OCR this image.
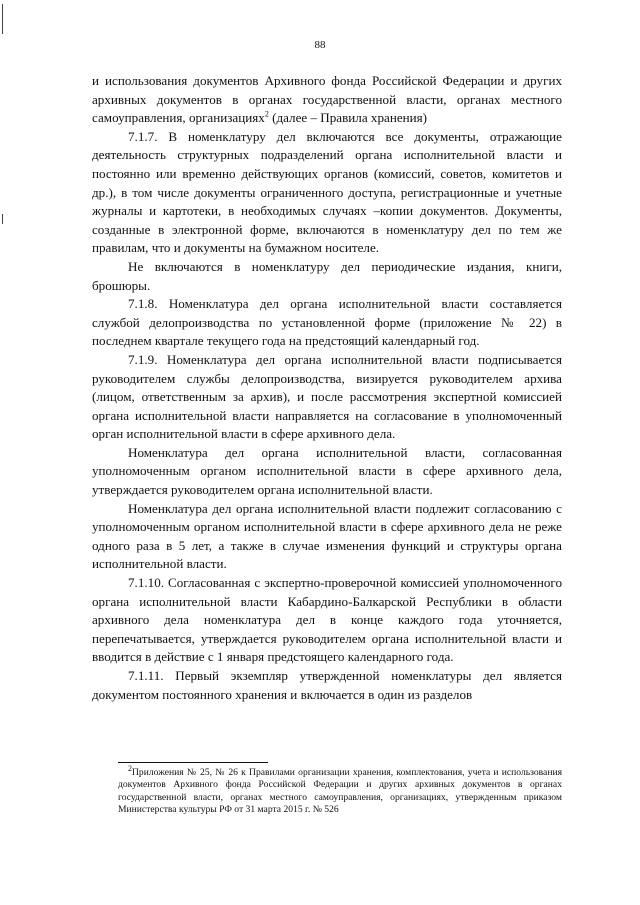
88

и использования документов Архивного фонда Российской Федерации и других архивных документов в органах государственной власти, органах местного самоуправления, организациях$^2$ (далее – Правила хранения)

7.1.7. В номенклатуру дел включаются все документы, отражающие деятельность структурных подразделений органа исполнительной власти и постоянно или временно действующих органов (комиссий, советов, комитетов и др.), в том числе документы ограниченного доступа, регистрационные и учетные журналы и картотеки, в необходимых случаях –копии документов. Документы, созданные в электронной форме, включаются в номенклатуру дел по тем же правилам, что и документы на бумажном носителе.

Не включаются в номенклатуру дел периодические издания, книги, брошюры.

7.1.8. Номенклатура дел органа исполнительной власти составляется службой делопроизводства по установленной форме (приложение № 22) в последнем квартале текущего года на предстоящий календарный год.

7.1.9. Номенклатура дел органа исполнительной власти подписывается руководителем службы делопроизводства, визируется руководителем архива (лицом, ответственным за архив), и после рассмотрения экспертной комиссией органа исполнительной власти направляется на согласование в уполномоченный орган исполнительной власти в сфере архивного дела.

Номенклатура дел органа исполнительной власти, согласованная уполномоченным органом исполнительной власти в сфере архивного дела, утверждается руководителем органа исполнительной власти.

Номенклатура дел органа исполнительной власти подлежит согласованию с уполномоченным органом исполнительной власти в сфере архивного дела не реже одного раза в 5 лет, а также в случае изменения функций и структуры органа исполнительной власти.

7.1.10. Согласованная с экспертно-проверочной комиссией уполномоченного органа исполнительной власти Кабардино-Балкарской Республики в области архивного дела номенклатура дел в конце каждого года уточняется, перепечатывается, утверждается руководителем органа исполнительной власти и вводится в действие с 1 января предстоящего календарного года.

7.1.11. Первый экземпляр утвержденной номенклатуры дел является документом постоянного хранения и включается в один из разделов

$^2$Приложения № 25, № 26 к Правилами организации хранения, комплектования, учета и использования документов Архивного фонда Российской Федерации и других архивных документов в органах государственной власти, органах местного самоуправления, организациях, утвержденным приказом Министерства культуры РФ от 31 марта 2015 г. № 526
